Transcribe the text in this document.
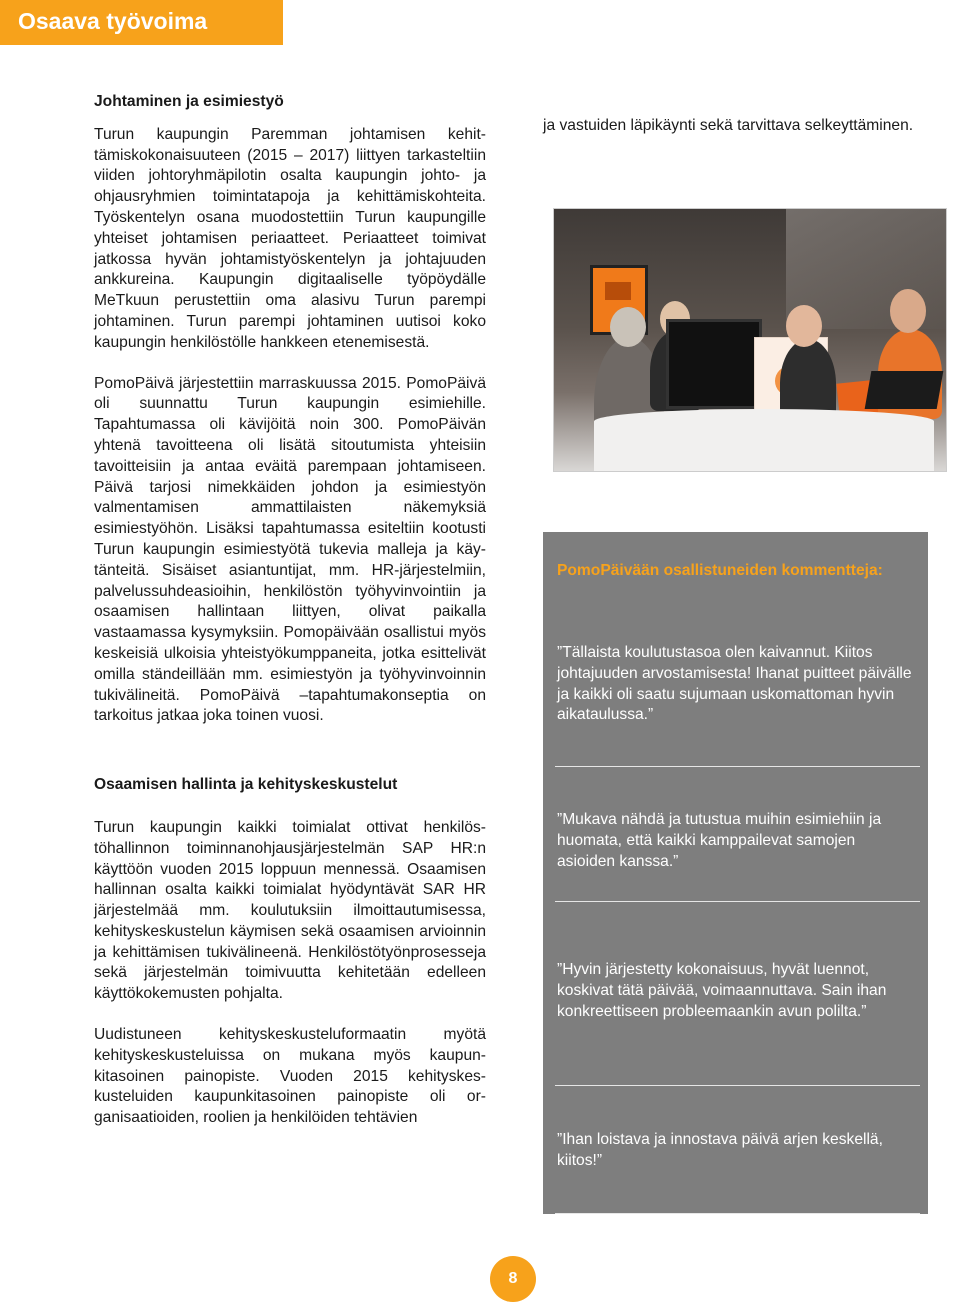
Osaava työvoima
Johtaminen ja esimiestyö

Turun kaupungin Paremman johtamisen kehittämiskokonaisuuteen (2015 – 2017) liittyen tarkasteltiin viiden johtoryhmäpilotin osalta kaupungin johto- ja ohjausryhmien toimintatapoja ja kehittämiskohteita. Työskentelyn osana muodostettiin Turun kaupungille yhteiset johtamisen periaatteet. Periaatteet toimivat jatkossa hyvän johtamistyöskentelyn ja johtajuuden ankkureina. Kaupungin digitaaliselle työpöydälle MeTkuun perustettiin oma alasivu Turun parempi johtaminen. Turun parempi johtaminen uutisoi koko kaupungin henkilöstölle hankkeen etenemisestä.

PomoPäivä järjestettiin marraskuussa 2015. PomoPäivä oli suunnattu Turun kaupungin esimiehille. Tapahtumassa oli kävijöitä noin 300. PomoPäivän yhtenä tavoitteena oli lisätä sitoutumista yhteisiin tavoitteisiin ja antaa eväitä parempaan johtamiseen. Päivä tarjosi nimekkäiden johdon ja esimiestyön valmentamisen ammattilaisten näkemyksiä esimiestyöhön. Lisäksi tapahtumassa esiteltiin kootusti Turun kaupungin esimiestyötä tukevia malleja ja käytänteitä. Sisäiset asiantuntijat, mm. HR-järjestelmiin, palvelussuhdeasioihin, henkilöstön työhyvinvointiin ja osaamisen hallintaan liittyen, olivat paikalla vastaamassa kysymyksiin. Pomopäivään osallistui myös keskeisiä ulkoisia yhteistyökumppaneita, jotka esittelivät omilla ständeillään mm. esimiestyön ja työhyvinvoinnin tukivälineitä. PomoPäivä –tapahtumakonseptia on tarkoitus jatkaa joka toinen vuosi.

Osaamisen hallinta ja kehityskeskustelut

Turun kaupungin kaikki toimialat ottivat henkilöstöhallinnon toiminnanohjausjärjestelmän SAP HR:n käyttöön vuoden 2015 loppuun mennessä. Osaamisen hallinnan osalta kaikki toimialat hyödyntävät SAR HR järjestelmää mm. koulutuksiin ilmoittautumisessa, kehityskeskustelun käymisen sekä osaamisen arvioinnin ja kehittämisen tukivälineenä. Henkilöstötyönprosesseja sekä järjestelmän toimivuutta kehitetään edelleen käyttökokemusten pohjalta.

Uudistuneen kehityskeskusteluformaatin myötä kehityskeskusteluissa on mukana myös kaupunkitasoinen painopiste. Vuoden 2015 kehityskeskusteluiden kaupunkitasoinen painopiste oli organisaatioiden, roolien ja henkilöiden tehtävien

ja vastuiden läpikäynti sekä tarvittava selkeyttäminen.

PomoPäivään osallistuneiden kommentteja:

”Tällaista koulutustasoa olen kaivannut. Kiitos johtajuuden arvostamisesta! Ihanat puitteet päivälle ja kaikki oli saatu sujumaan uskomattoman hyvin aikataulussa.”

”Mukava nähdä ja tutustua muihin esimiehiin ja huomata, että kaikki kamppailevat samojen asioiden kanssa.”

”Hyvin järjestetty kokonaisuus, hyvät luennot, koskivat tätä päivää, voimaannuttava. Sain ihan konkreettiseen probleemaankin avun polilta.”

”Ihan loistava ja innostava päivä arjen keskellä, kiitos!”

8
